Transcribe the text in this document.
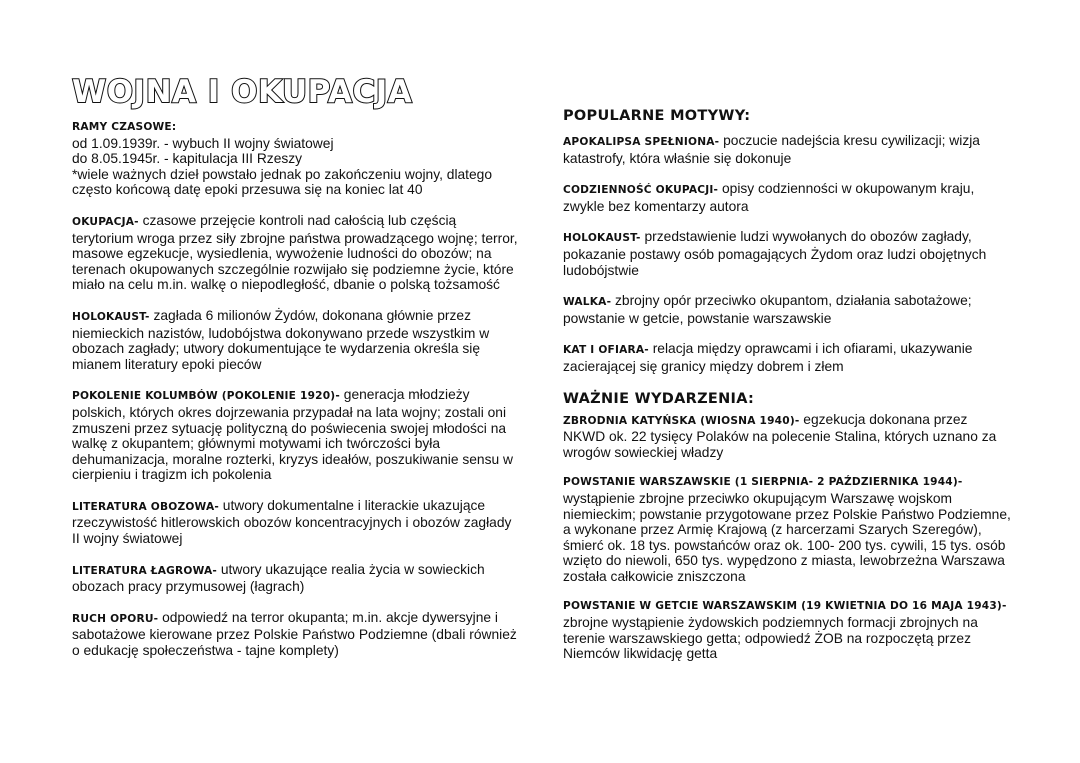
WOJNA I OKUPACJA
RAMY CZASOWE:
od 1.09.1939r. - wybuch II wojny światowej
do 8.05.1945r. - kapitulacja III Rzeszy
*wiele ważnych dzieł powstało jednak po zakończeniu wojny, dlatego często końcową datę epoki przesuwa się na koniec lat 40

OKUPACJA- czasowe przejęcie kontroli nad całością lub częścią terytorium wroga przez siły zbrojne państwa prowadzącego wojnę; terror, masowe egzekucje, wysiedlenia, wywożenie ludności do obozów; na terenach okupowanych szczególnie rozwijało się podziemne życie, które miało na celu m.in. walkę o niepodległość, dbanie o polską tożsamość

HOLOKAUST- zagłada 6 milionów Żydów, dokonana głównie przez niemieckich nazistów, ludobójstwa dokonywano przede wszystkim w obozach zagłady; utwory dokumentujące te wydarzenia określa się mianem literatury epoki pieców

POKOLENIE KOLUMBÓW (POKOLENIE 1920)- generacja młodzieży polskich, których okres dojrzewania przypadał na lata wojny; zostali oni zmuszeni przez sytuację polityczną do poświecenia swojej młodości na walkę z okupantem; głównymi motywami ich twórczości była dehumanizacja, moralne rozterki, kryzys ideałów, poszukiwanie sensu w cierpieniu i tragizm ich pokolenia

LITERATURA OBOZOWA- utwory dokumentalne i literackie ukazujące rzeczywistość hitlerowskich obozów koncentracyjnych i obozów zagłady II wojny światowej

LITERATURA ŁAGROWA- utwory ukazujące realia życia w sowieckich obozach pracy przymusowej (łagrach)

RUCH OPORU- odpowiedź na terror okupanta; m.in. akcje dywersyjne i sabotażowe kierowane przez Polskie Państwo Podziemne (dbali również o edukację społeczeństwa - tajne komplety)

POPULARNE MOTYWY:

APOKALIPSA SPEŁNIONA- poczucie nadejścia kresu cywilizacji; wizja katastrofy, która właśnie się dokonuje

CODZIENNOŚĆ OKUPACJI- opisy codzienności w okupowanym kraju, zwykle bez komentarzy autora

HOLOKAUST- przedstawienie ludzi wywołanych do obozów zagłady, pokazanie postawy osób pomagających Żydom oraz ludzi obojętnych ludobójstwie

WALKA- zbrojny opór przeciwko okupantom, działania sabotażowe; powstanie w getcie, powstanie warszawskie

KAT I OFIARA- relacja między oprawcami i ich ofiarami, ukazywanie zacierającej się granicy między dobrem i złem

WAŻNIE WYDARZENIA:

ZBRODNIA KATYŃSKA (WIOSNA 1940)- egzekucja dokonana przez NKWD ok. 22 tysięcy Polaków na polecenie Stalina, których uznano za wrogów sowieckiej władzy

POWSTANIE WARSZAWSKIE (1 SIERPNIA- 2 PAŹDZIERNIKA 1944)-
wystąpienie zbrojne przeciwko okupującym Warszawę wojskom niemieckim; powstanie przygotowane przez Polskie Państwo Podziemne, a wykonane przez Armię Krajową (z harcerzami Szarych Szeregów), śmierć ok. 18 tys. powstańców oraz ok. 100- 200 tys. cywili, 15 tys. osób wzięto do niewoli, 650 tys. wypędzono z miasta, lewobrzeżna Warszawa została całkowicie zniszczona

POWSTANIE W GETCIE WARSZAWSKIM (19 KWIETNIA DO 16 MAJA 1943)-
zbrojne wystąpienie żydowskich podziemnych formacji zbrojnych na terenie warszawskiego getta; odpowiedź ŻOB na rozpoczętą przez Niemców likwidację getta
